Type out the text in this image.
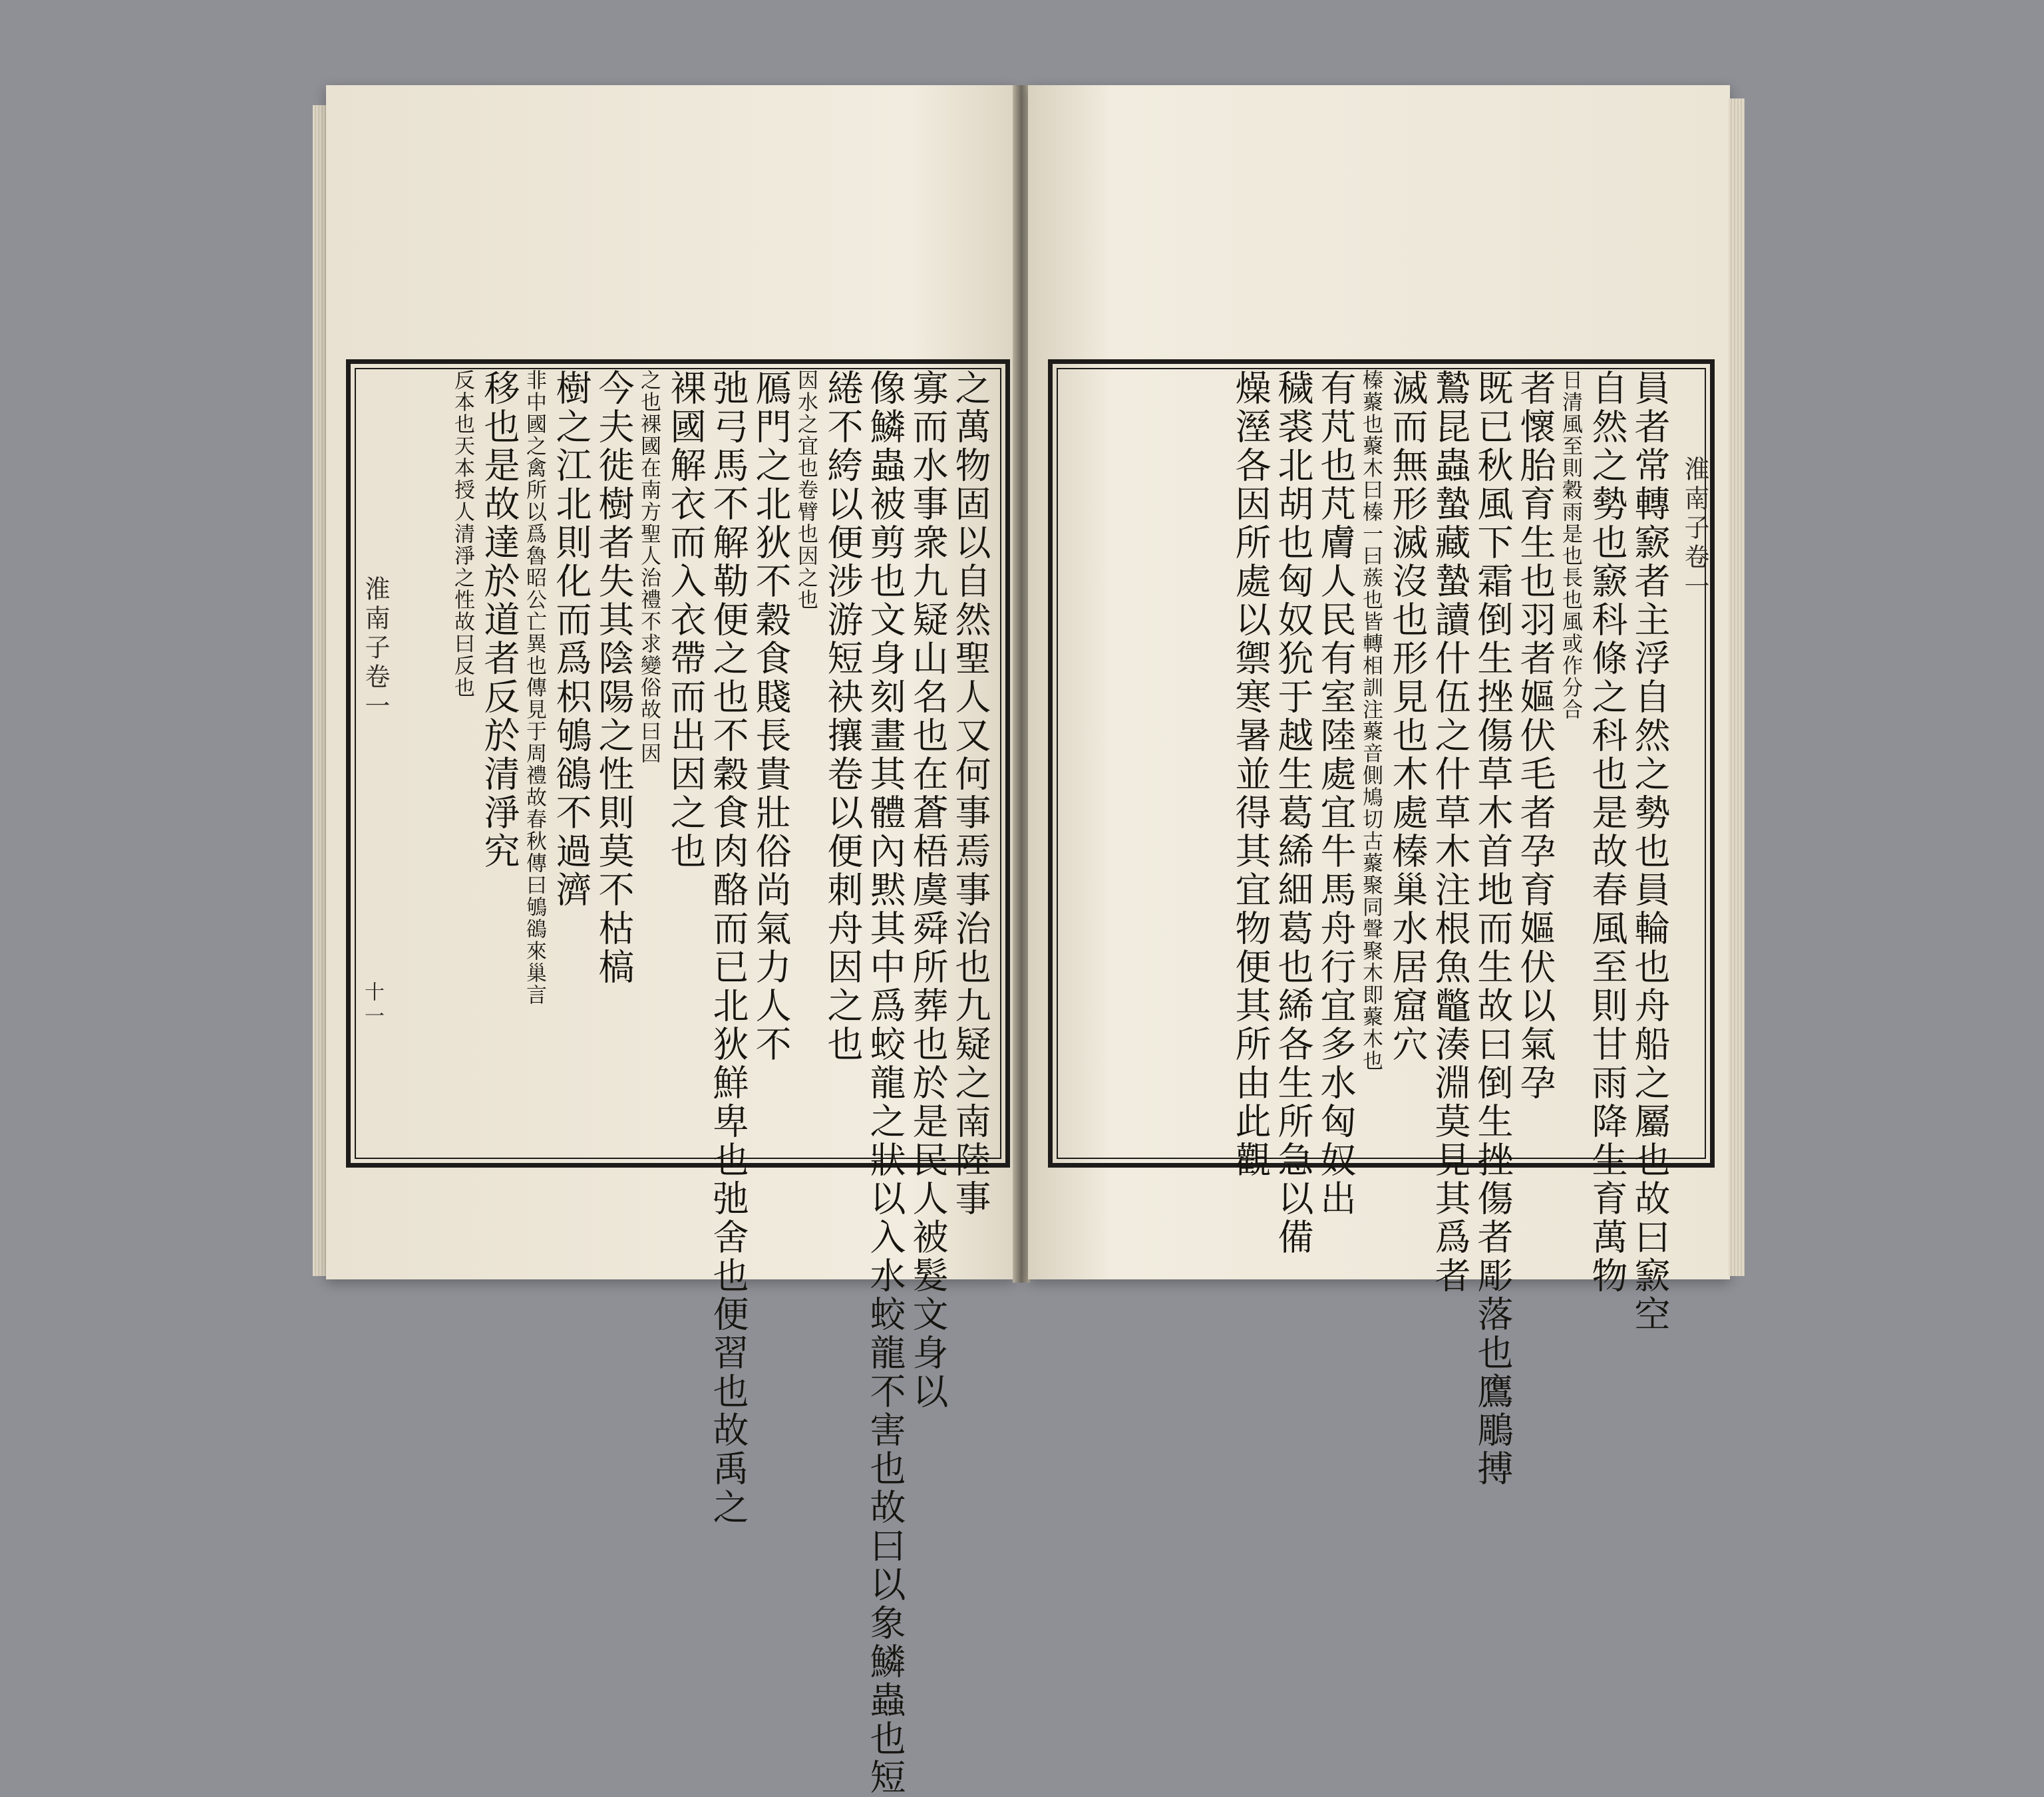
淮南子卷一
十一	之萬物固以自然聖人又何事焉事治也九疑之南陸事
寡而水事衆九疑山名也在蒼梧虞舜所葬也於是民人被髮文身以
像鱗蟲被剪也文身刻畫其體內黙其中爲蛟龍之狀以入水蛟龍不害也故曰以象鱗蟲也短
綣不絝以便涉游短袂攘卷以便刺舟因之也
因水之宜也卷臂也因之也
鴈門之北狄不穀食賤長貴壯俗尚氣力人不
弛弓馬不解勒便之也不穀食肉酪而已北狄鮮卑也弛舍也便習也故禹之
裸國解衣而入衣帶而出因之也
之也裸國在南方聖人治禮不求變俗故曰因
今夫徙樹者失其陰陽之性則莫不枯槁
樹之江北則化而爲枳鴝鵒不過濟
非中國之禽所以爲魯昭公亡異也傳見于周禮故春秋傳曰鴝鵒來巢言
移也是故達於道者反於清淨究
反本也天本授人清淨之性故曰反也	淮南子卷一
員者常轉窾者主浮自然之勢也員輪也舟船之屬也故曰窾空
自然之勢也窾科條之科也是故春風至則甘雨降生育萬物
日清風至則穀雨是也長也風或作分合
者懷胎育生也羽者嫗伏毛者孕育嫗伏以氣孕
既已秋風下霜倒生挫傷草木首地而生故曰倒生挫傷者彫落也鷹鵰搏
鷙昆蟲蟄藏蟄讀什伍之什草木注根魚鼈湊淵莫見其爲者
滅而無形滅沒也形見也木處榛巢水居窟穴
榛藂也藂木曰榛一曰蔟也皆轉相訓注藂音側鳩切古藂聚同聲聚木即藂木也
有芃也芃膚人民有室陸處宜牛馬舟行宜多水匈奴出
穢裘北胡也匈奴狁于越生葛絺細葛也絺各生所急以備
燥溼各因所處以禦寒暑並得其宜物便其所由此觀
